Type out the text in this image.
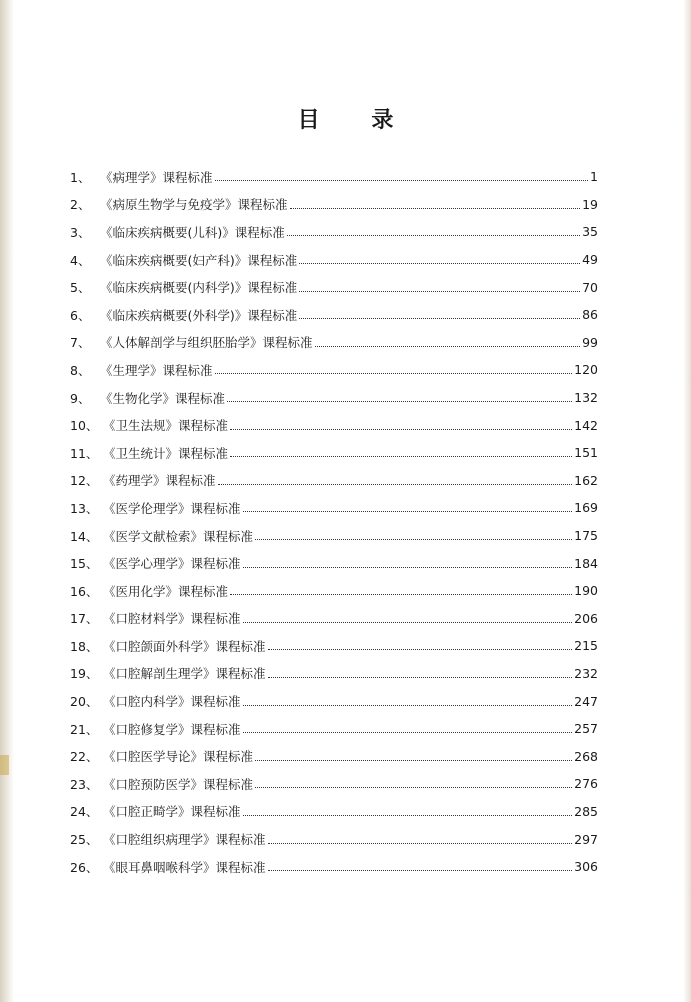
目 录
1、 《病理学》课程标准	1
2、 《病原生物学与免疫学》课程标准	19
3、 《临床疾病概要(儿科)》课程标准	35
4、 《临床疾病概要(妇产科)》课程标准	49
5、 《临床疾病概要(内科学)》课程标准	70
6、 《临床疾病概要(外科学)》课程标准	86
7、 《人体解剖学与组织胚胎学》课程标准	99
8、 《生理学》课程标准	120
9、 《生物化学》课程标准	132
10、 《卫生法规》课程标准	142
11、 《卫生统计》课程标准	151
12、 《药理学》课程标准	162
13、 《医学伦理学》课程标准	169
14、 《医学文献检索》课程标准	175
15、 《医学心理学》课程标准	184
16、 《医用化学》课程标准	190
17、 《口腔材料学》课程标准	206
18、 《口腔颌面外科学》课程标准	215
19、 《口腔解剖生理学》课程标准	232
20、 《口腔内科学》课程标准	247
21、 《口腔修复学》课程标准	257
22、 《口腔医学导论》课程标准	268
23、 《口腔预防医学》课程标准	276
24、 《口腔正畸学》课程标准	285
25、 《口腔组织病理学》课程标准	297
26、 《眼耳鼻咽喉科学》课程标准	306
